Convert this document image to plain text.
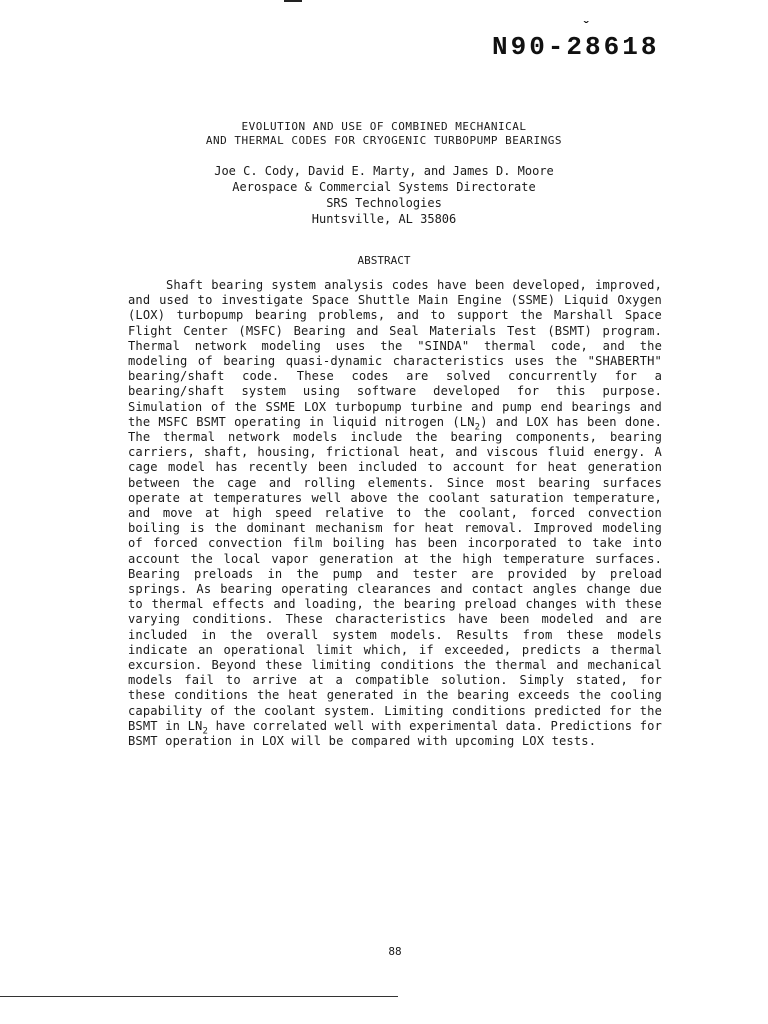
ˇ
N90-28618
EVOLUTION AND USE OF COMBINED MECHANICAL
AND THERMAL CODES FOR CRYOGENIC TURBOPUMP BEARINGS
Joe C. Cody, David E. Marty, and James D. Moore
Aerospace & Commercial Systems Directorate
SRS Technologies
Huntsville, AL 35806
ABSTRACT
Shaft bearing system analysis codes have been developed, improved, and used to investigate Space Shuttle Main Engine (SSME) Liquid Oxygen (LOX) turbopump bearing problems, and to support the Marshall Space Flight Center (MSFC) Bearing and Seal Materials Test (BSMT) program. Thermal network modeling uses the "SINDA" thermal code, and the modeling of bearing quasi-dynamic characteristics uses the "SHABERTH" bearing/shaft code. These codes are solved concurrently for a bearing/shaft system using software developed for this purpose. Simulation of the SSME LOX turbopump turbine and pump end bearings and the MSFC BSMT operating in liquid nitrogen $(LN_2)$ and LOX has been done. The thermal network models include the bearing components, bearing carriers, shaft, housing, frictional heat, and viscous fluid energy. A cage model has recently been included to account for heat generation between the cage and rolling elements. Since most bearing surfaces operate at temperatures well above the coolant saturation temperature, and move at high speed relative to the coolant, forced convection boiling is the dominant mechanism for heat removal. Improved modeling of forced convection film boiling has been incorporated to take into account the local vapor generation at the high temperature surfaces. Bearing preloads in the pump and tester are provided by preload springs. As bearing operating clearances and contact angles change due to thermal effects and loading, the bearing preload changes with these varying conditions. These characteristics have been modeled and are included in the overall system models. Results from these models indicate an operational limit which, if exceeded, predicts a thermal excursion. Beyond these limiting conditions the thermal and mechanical models fail to arrive at a compatible solution. Simply stated, for these conditions the heat generated in the bearing exceeds the cooling capability of the coolant system. Limiting conditions predicted for the BSMT in $LN_2$ have correlated well with experimental data. Predictions for BSMT operation in LOX will be compared with upcoming LOX tests.
88
